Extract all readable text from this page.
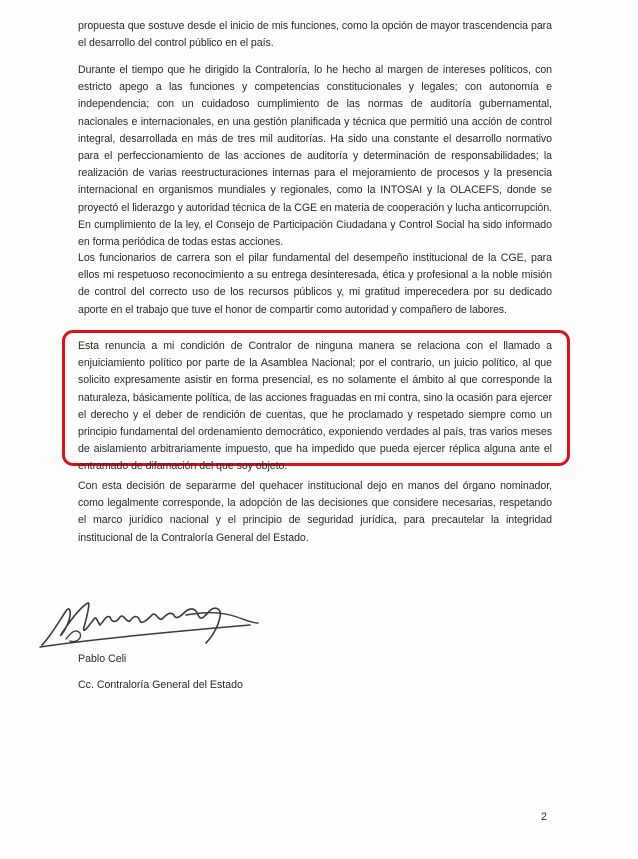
propuesta que sostuve desde el inicio de mis funciones, como la opción de mayor trascendencia para el desarrollo del control público en el país.

Durante el tiempo que he dirigido la Contraloría, lo he hecho al margen de intereses políticos, con estricto apego a las funciones y competencias constitucionales y legales; con autonomía e independencia; con un cuidadoso cumplimiento de las normas de auditoría gubernamental, nacionales e internacionales, en una gestión planificada y técnica que permitió una acción de control integral, desarrollada en más de tres mil auditorías. Ha sido una constante el desarrollo normativo para el perfeccionamiento de las acciones de auditoría y determinación de responsabilidades; la realización de varias reestructuraciones internas para el mejoramiento de procesos y la presencia internacional en organismos mundiales y regionales, como la INTOSAI y la OLACEFS, donde se proyectó el liderazgo y autoridad técnica de la CGE en materia de cooperación y lucha anticorrupción. En cumplimiento de la ley, el Consejo de Participación Ciudadana y Control Social ha sido informado en forma periódica de todas estas acciones.

Los funcionarios de carrera son el pilar fundamental del desempeño institucional de la CGE, para ellos mi respetuoso reconocimiento a su entrega desinteresada, ética y profesional a la noble misión de control del correcto uso de los recursos públicos y, mi gratitud imperecedera por su dedicado aporte en el trabajo que tuve el honor de compartir como autoridad y compañero de labores.

Esta renuncia a mi condición de Contralor de ninguna manera se relaciona con el llamado a enjuiciamiento político por parte de la Asamblea Nacional; por el contrario, un juicio político, al que solicito expresamente asistir en forma presencial, es no solamente el ámbito al que corresponde la naturaleza, básicamente política, de las acciones fraguadas en mi contra, sino la ocasión para ejercer el derecho y el deber de rendición de cuentas, que he proclamado y respetado siempre como un principio fundamental del ordenamiento democrático, exponiendo verdades al país, tras varios meses de aislamiento arbitrariamente impuesto, que ha impedido que pueda ejercer réplica alguna ante el entramado de difamación del que soy objeto.

Con esta decisión de separarme del quehacer institucional dejo en manos del órgano nominador, como legalmente corresponde, la adopción de las decisiones que considere necesarias, respetando el marco jurídico nacional y el principio de seguridad jurídica, para precautelar la integridad institucional de la Contraloría General del Estado.

Pablo Celi
Cc. Contraloría General del Estado
2
